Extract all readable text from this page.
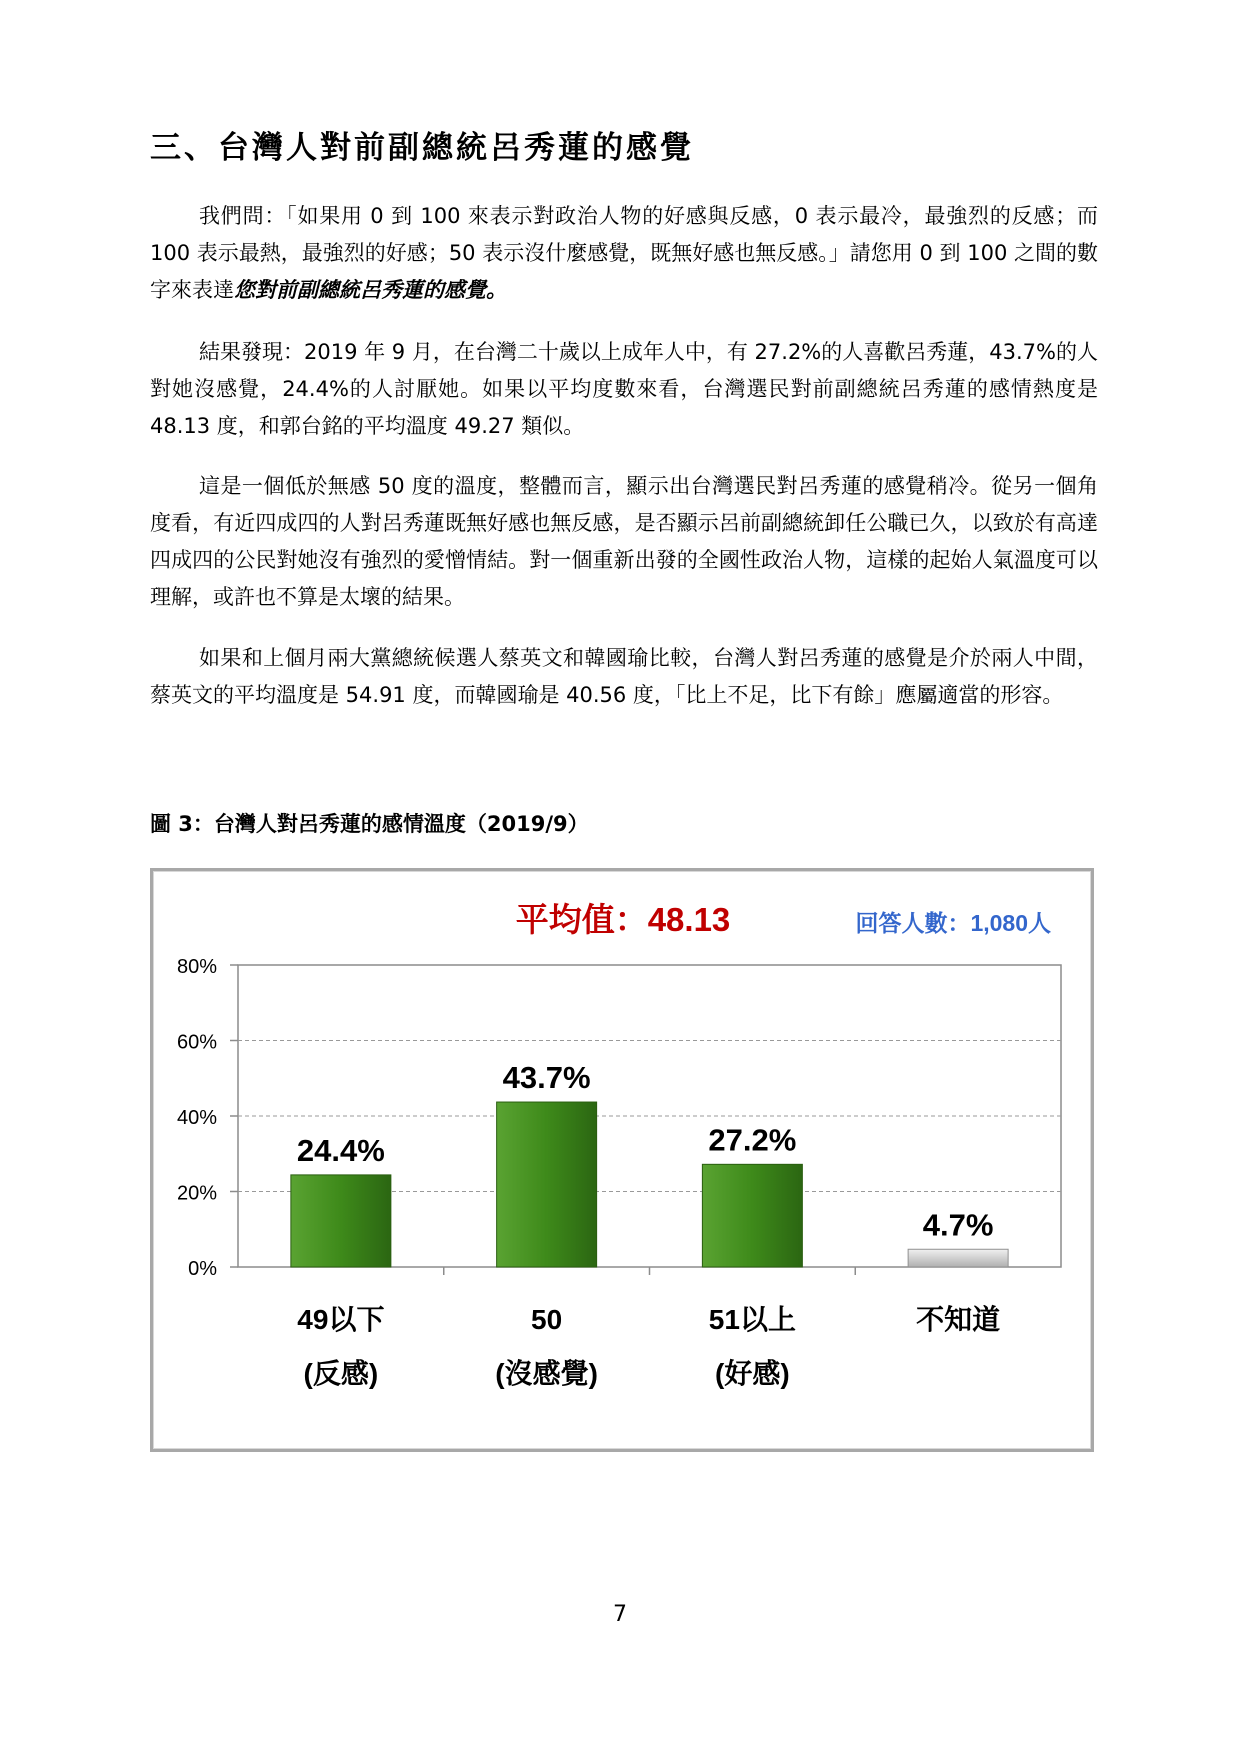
三、台灣人對前副總統呂秀蓮的感覺

我們問：「如果用 0 到 100 來表示對政治人物的好感與反感，0 表示最冷，最強烈的反感；而 100 表示最熱，最強烈的好感；50 表示沒什麼感覺，既無好感也無反感。」請您用 0 到 100 之間的數字來表達您對前副總統呂秀蓮的感覺。

結果發現：2019 年 9 月，在台灣二十歲以上成年人中，有 27.2%的人喜歡呂秀蓮，43.7%的人對她沒感覺，24.4%的人討厭她。如果以平均度數來看，台灣選民對前副總統呂秀蓮的感情熱度是 48.13 度，和郭台銘的平均溫度 49.27 類似。

這是一個低於無感 50 度的溫度，整體而言，顯示出台灣選民對呂秀蓮的感覺稍冷。從另一個角度看，有近四成四的人對呂秀蓮既無好感也無反感，是否顯示呂前副總統卸任公職已久，以致於有高達四成四的公民對她沒有強烈的愛憎情結。對一個重新出發的全國性政治人物，這樣的起始人氣溫度可以理解，或許也不算是太壞的結果。

如果和上個月兩大黨總統候選人蔡英文和韓國瑜比較，台灣人對呂秀蓮的感覺是介於兩人中間，蔡英文的平均溫度是 54.91 度，而韓國瑜是 40.56 度，「比上不足，比下有餘」應屬適當的形容。

圖 3：台灣人對呂秀蓮的感情溫度（2019/9）

平均值：48.13	回答人數：1,080人
0%
20%
40%
60%
80%
24.4%
43.7%
27.2%
4.7%
49以下
(反感)
50
(沒感覺)
51以上
(好感)
不知道

7
